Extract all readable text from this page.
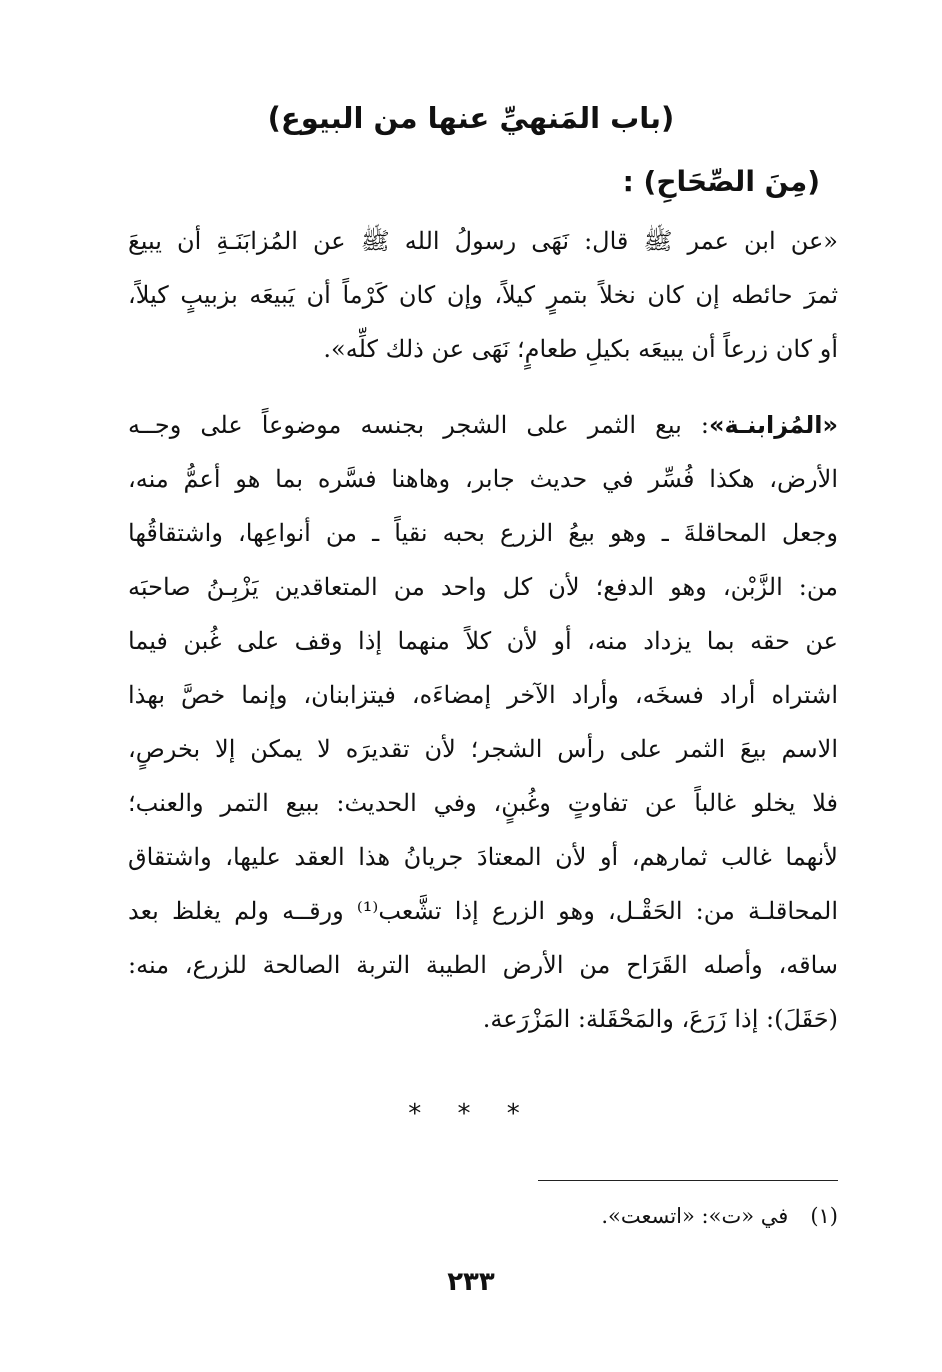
(باب المَنهيِّ عنها من البيوع)
(مِنَ الصِّحَاحِ) :
«عن ابن عمر ﷺ قال: نَهَى رسولُ الله ﷺ عن المُزابَنَـةِ أن يبيعَ
ثمرَ حائطه إن كان نخلاً بتمرٍ كيلاً، وإن كان كَرْماً أن يَبيعَه بزبيبٍ كيلاً،
أو كان زرعاً أن يبيعَه بكيلِ طعامٍ؛ نَهَى عن ذلك كلِّه».
«المُزابنـة»: بيع الثمر على الشجر بجنسه موضوعاً على وجــه
الأرض، هكذا فُسِّر في حديث جابر، وهاهنا فسَّره بما هو أعمُّ منه،
وجعل المحاقلةَ ـ وهو بيعُ الزرع بحبه نقياً ـ من أنواعِها، واشتقاقُها
من: الزَّبْن، وهو الدفع؛ لأن كل واحد من المتعاقدين يَزْبِـنُ صاحبَه
عن حقه بما يزداد منه، أو لأن كلاً منهما إذا وقف على غُبن فيما
اشتراه أراد فسخَه، وأراد الآخر إمضاءَه، فيتزابنان، وإنما خصَّ بهذا
الاسم بيعَ الثمر على رأس الشجر؛ لأن تقديرَه لا يمكن إلا بخرصٍ،
فلا يخلو غالباً عن تفاوتٍ وغُبنٍ، وفي الحديث: ببيع التمر والعنب؛
لأنهما غالب ثمارهم، أو لأن المعتادَ جريانُ هذا العقد عليها، واشتقاق
المحاقلـة من: الحَقْـل، وهو الزرع إذا تشَّعب⁽¹⁾ ورقــه ولم يغلظ بعد
ساقه، وأصله القَرَاح من الأرض الطيبة التربة الصالحة للزرع، منه:
(حَقَلَ): إذا زَرَعَ، والمَحْقَلة: المَزْرَعة.
* * *
(١)في «ت»: «اتسعت».
٢٣٣
